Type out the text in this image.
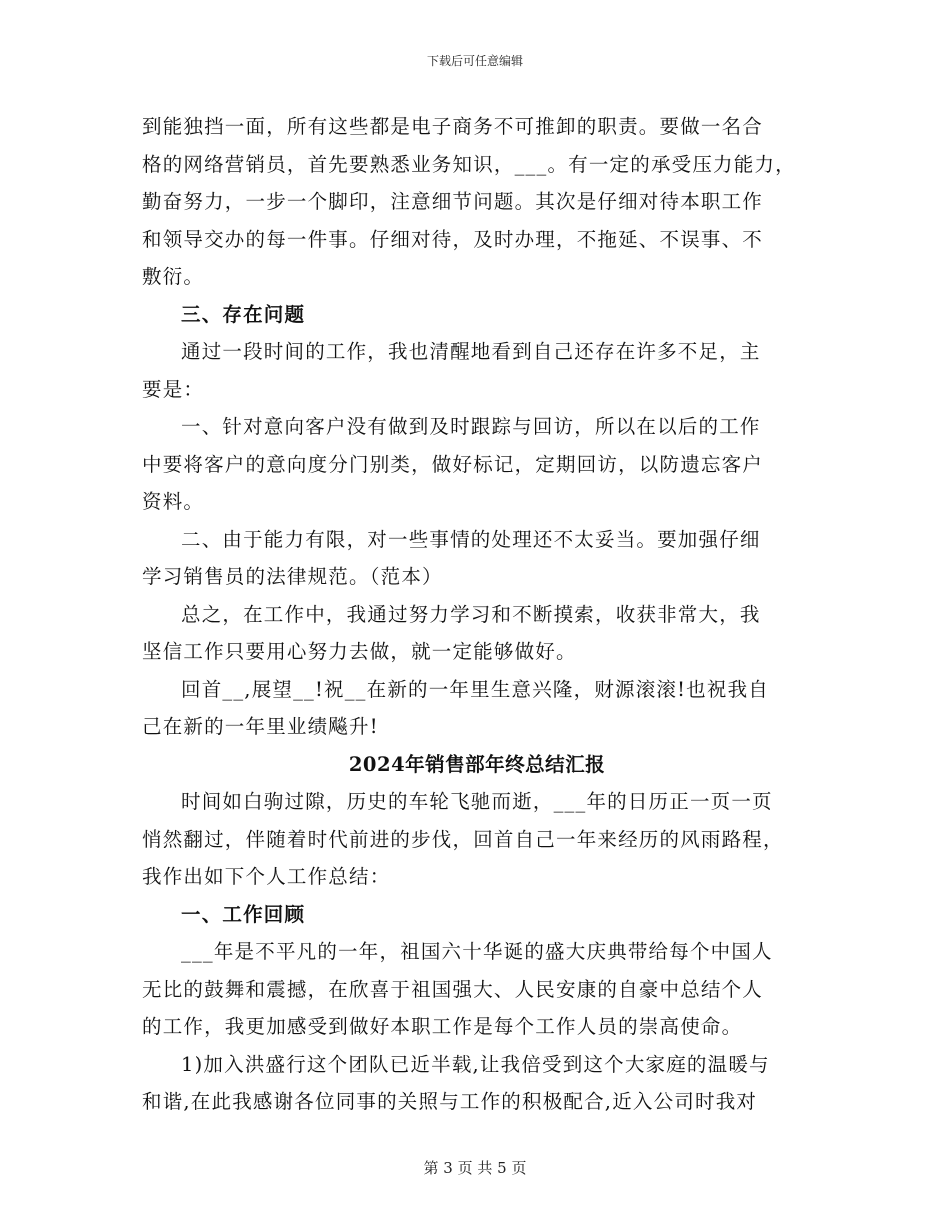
下载后可任意编辑
到能独挡一面，所有这些都是电子商务不可推卸的职责。要做一名合
格的网络营销员，首先要熟悉业务知识，___。有一定的承受压力能力，
勤奋努力，一步一个脚印，注意细节问题。其次是仔细对待本职工作
和领导交办的每一件事。仔细对待，及时办理，不拖延、不误事、不
敷衍。
三、存在问题
通过一段时间的工作，我也清醒地看到自己还存在许多不足，主
要是：
一、针对意向客户没有做到及时跟踪与回访，所以在以后的工作
中要将客户的意向度分门别类，做好标记，定期回访，以防遗忘客户
资料。
二、由于能力有限，对一些事情的处理还不太妥当。要加强仔细
学习销售员的法律规范。（范本）
总之，在工作中，我通过努力学习和不断摸索，收获非常大，我
坚信工作只要用心努力去做，就一定能够做好。
回首__,展望__!祝__在新的一年里生意兴隆，财源滚滚!也祝我自
己在新的一年里业绩飚升!
2024年销售部年终总结汇报
时间如白驹过隙，历史的车轮飞驰而逝，___年的日历正一页一页
悄然翻过，伴随着时代前进的步伐，回首自己一年来经历的风雨路程，
我作出如下个人工作总结：
一、工作回顾
___年是不平凡的一年，祖国六十华诞的盛大庆典带给每个中国人
无比的鼓舞和震撼，在欣喜于祖国强大、人民安康的自豪中总结个人
的工作，我更加感受到做好本职工作是每个工作人员的崇高使命。
1)加入洪盛行这个团队已近半载,让我倍受到这个大家庭的温暖与
和谐,在此我感谢各位同事的关照与工作的积极配合,近入公司时我对
第 3 页 共 5 页
